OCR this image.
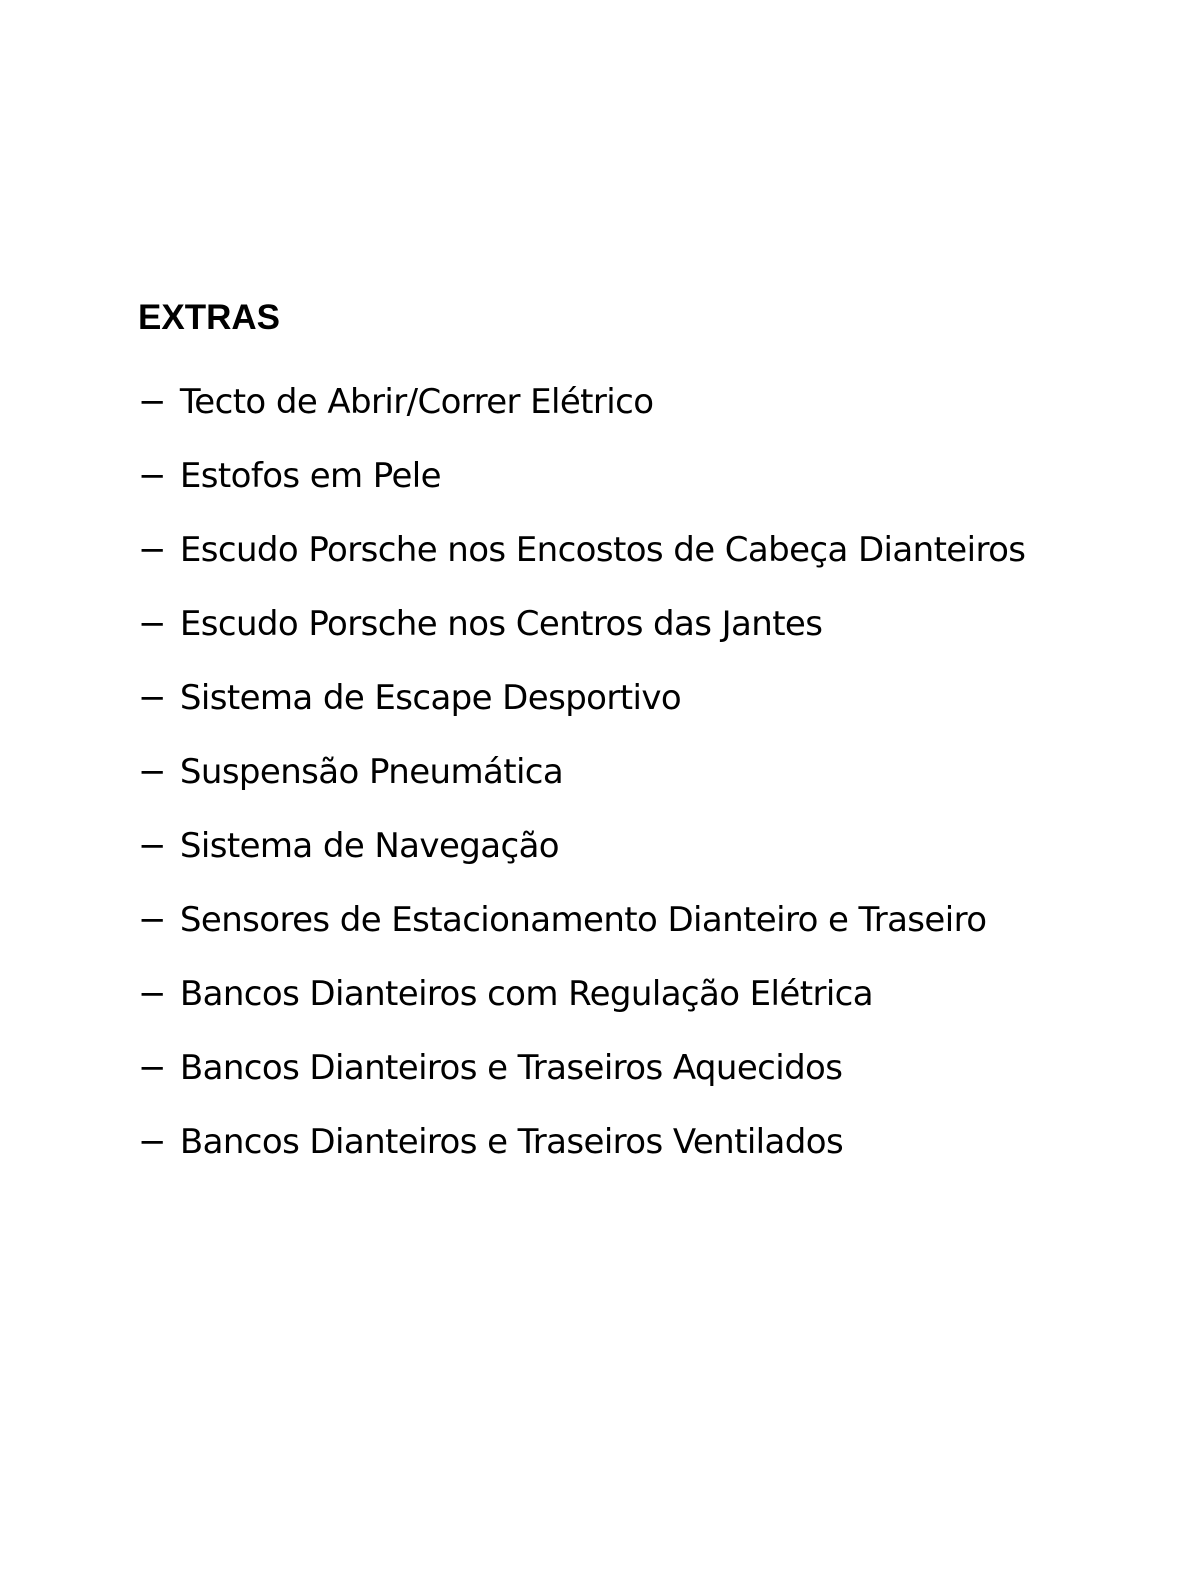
EXTRAS
− Tecto de Abrir/Correr Elétrico
− Estofos em Pele
− Escudo Porsche nos Encostos de Cabeça Dianteiros
− Escudo Porsche nos Centros das Jantes
− Sistema de Escape Desportivo
− Suspensão Pneumática
− Sistema de Navegação
− Sensores de Estacionamento Dianteiro e Traseiro
− Bancos Dianteiros com Regulação Elétrica
− Bancos Dianteiros e Traseiros Aquecidos
− Bancos Dianteiros e Traseiros Ventilados
